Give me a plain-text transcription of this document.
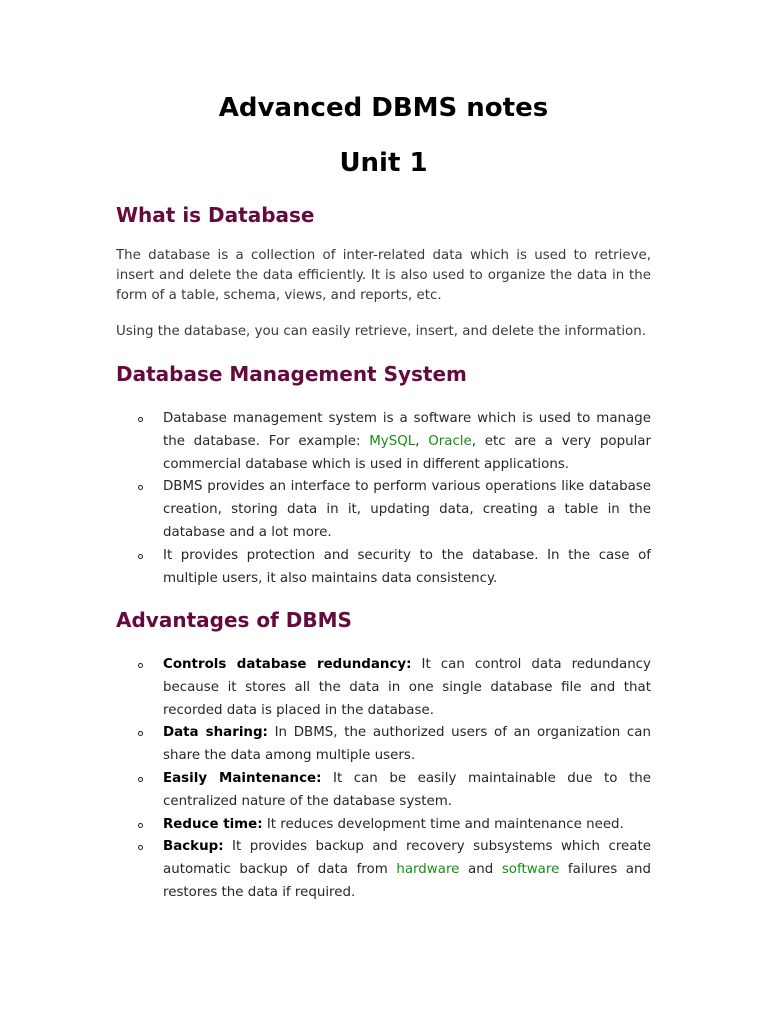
Advanced DBMS notes
Unit 1
What is Database

The database is a collection of inter-related data which is used to retrieve, insert and delete the data efficiently. It is also used to organize the data in the form of a table, schema, views, and reports, etc.

Using the database, you can easily retrieve, insert, and delete the information.

Database Management System
Database management system is a software which is used to manage the database. For example: MySQL, Oracle, etc are a very popular commercial database which is used in different applications.
DBMS provides an interface to perform various operations like database creation, storing data in it, updating data, creating a table in the database and a lot more.
It provides protection and security to the database. In the case of multiple users, it also maintains data consistency.
Advantages of DBMS
Controls database redundancy: It can control data redundancy because it stores all the data in one single database file and that recorded data is placed in the database.
Data sharing: In DBMS, the authorized users of an organization can share the data among multiple users.
Easily Maintenance: It can be easily maintainable due to the centralized nature of the database system.
Reduce time: It reduces development time and maintenance need.
Backup: It provides backup and recovery subsystems which create automatic backup of data from hardware and software failures and restores the data if required.
